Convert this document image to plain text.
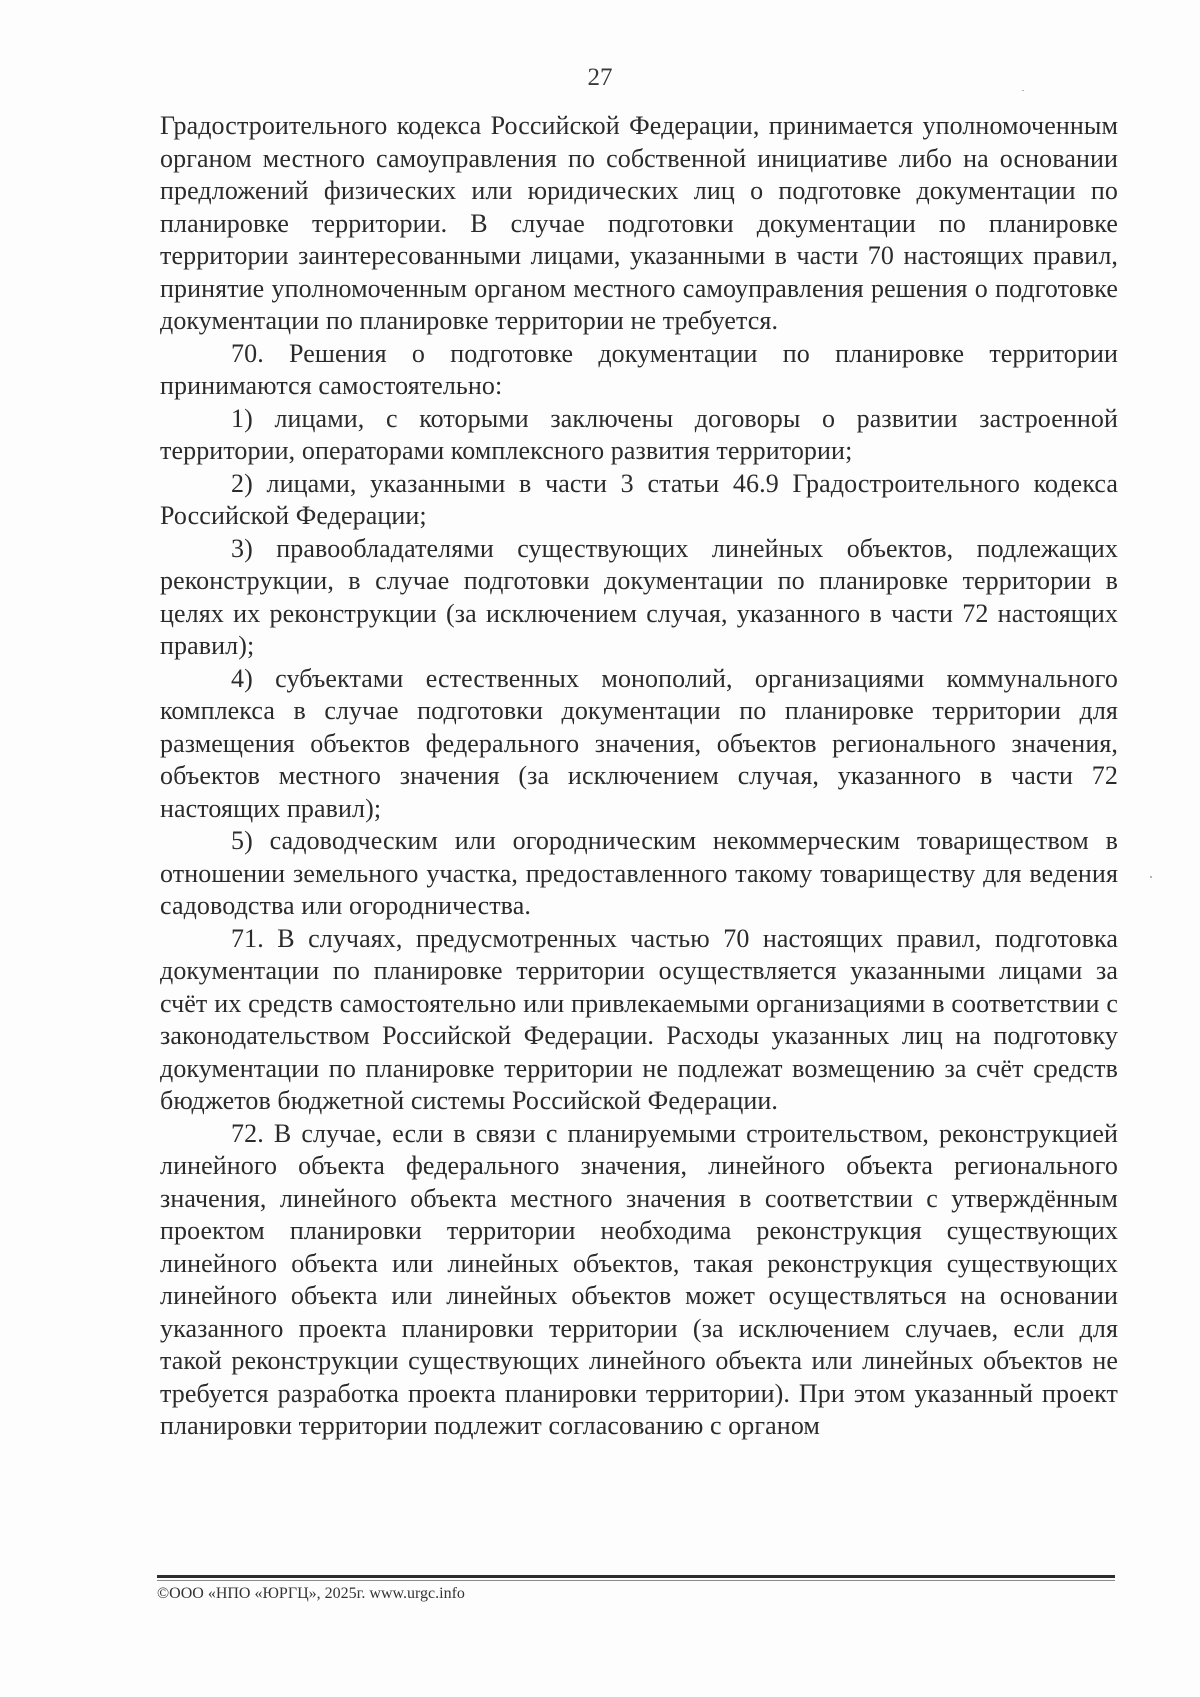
27

Градостроительного кодекса Российской Федерации, принимается уполномоченным органом местного самоуправления по собственной инициативе либо на основании предложений физических или юридических лиц о подготовке документации по планировке территории. В случае подготовки документации по планировке территории заинтересованными лицами, указанными в части 70 настоящих правил, принятие уполномоченным органом местного самоуправления решения о подготовке документации по планировке территории не требуется.

70. Решения о подготовке документации по планировке территории принимаются самостоятельно:

1) лицами, с которыми заключены договоры о развитии застроенной территории, операторами комплексного развития территории;

2) лицами, указанными в части 3 статьи 46.9 Градостроительного кодекса Российской Федерации;

3) правообладателями существующих линейных объектов, подлежащих реконструкции, в случае подготовки документации по планировке территории в целях их реконструкции (за исключением случая, указанного в части 72 настоящих правил);

4) субъектами естественных монополий, организациями коммунального комплекса в случае подготовки документации по планировке территории для размещения объектов федерального значения, объектов регионального значения, объектов местного значения (за исключением случая, указанного в части 72 настоящих правил);

5) садоводческим или огородническим некоммерческим товариществом в отношении земельного участка, предоставленного такому товариществу для ведения садоводства или огородничества.

71. В случаях, предусмотренных частью 70 настоящих правил, подготовка документации по планировке территории осуществляется указанными лицами за счёт их средств самостоятельно или привлекаемыми организациями в соответствии с законодательством Российской Федерации. Расходы указанных лиц на подготовку документации по планировке территории не подлежат возмещению за счёт средств бюджетов бюджетной системы Российской Федерации.

72. В случае, если в связи с планируемыми строительством, реконструкцией линейного объекта федерального значения, линейного объекта регионального значения, линейного объекта местного значения в соответствии с утверждённым проектом планировки территории необходима реконструкция существующих линейного объекта или линейных объектов, такая реконструкция существующих линейного объекта или линейных объектов может осуществляться на основании указанного проекта планировки территории (за исключением случаев, если для такой реконструкции существующих линейного объекта или линейных объектов не требуется разработка проекта планировки территории). При этом указанный проект планировки территории подлежит согласованию с органом

©ООО «НПО «ЮРГЦ», 2025г. www.urgc.info
